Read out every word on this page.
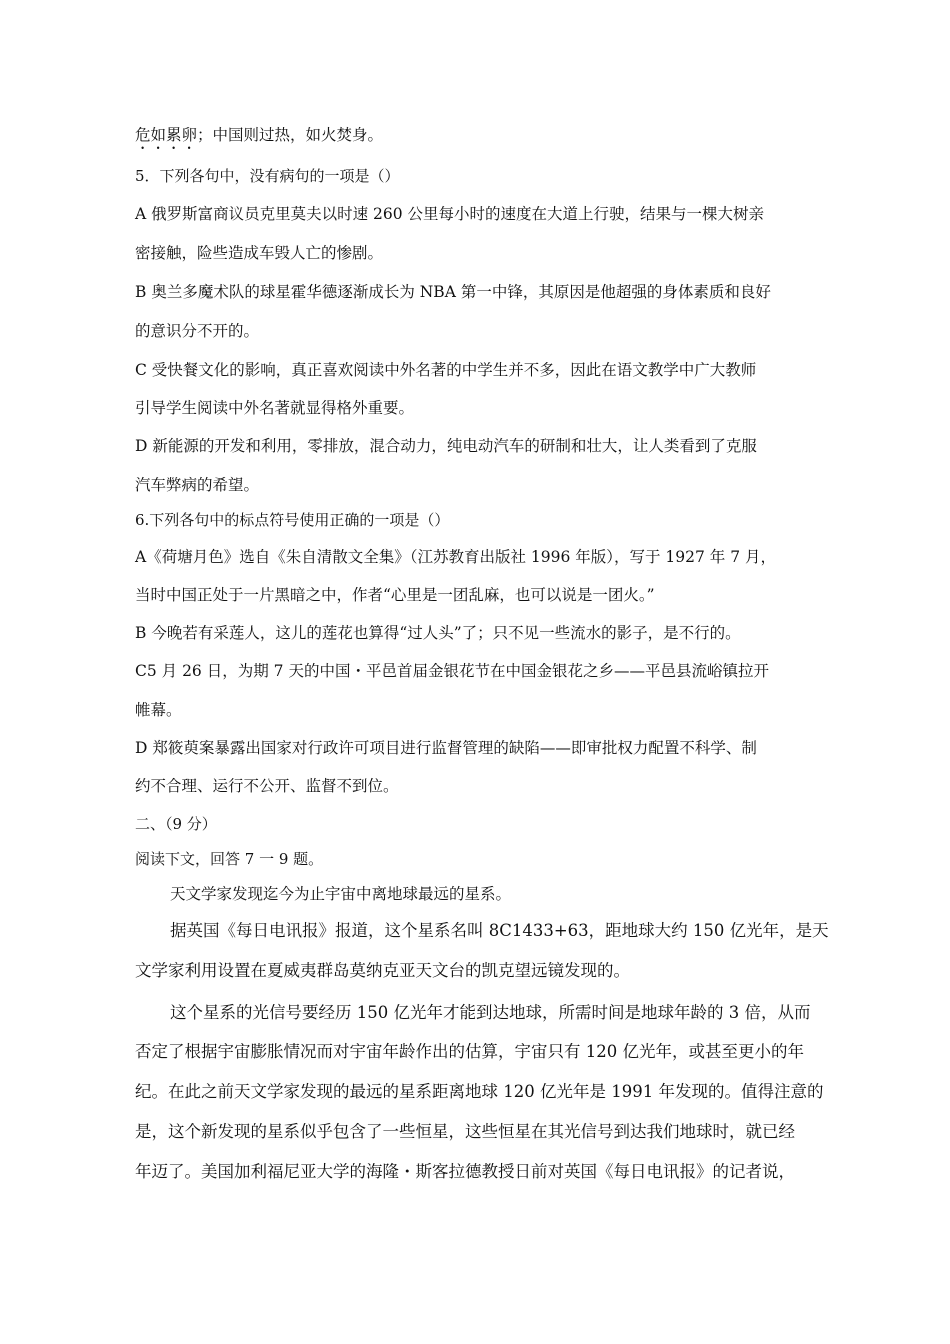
危如累卵；中国则过热，如火焚身。
5．下列各句中，没有病句的一项是（）
A 俄罗斯富商议员克里莫夫以时速 260 公里每小时的速度在大道上行驶，结果与一棵大树亲
密接触，险些造成车毁人亡的惨剧。
B 奥兰多魔术队的球星霍华德逐渐成长为 NBA 第一中锋，其原因是他超强的身体素质和良好
的意识分不开的。
C 受快餐文化的影响，真正喜欢阅读中外名著的中学生并不多，因此在语文教学中广大教师
引导学生阅读中外名著就显得格外重要。
D 新能源的开发和利用，零排放，混合动力，纯电动汽车的研制和壮大，让人类看到了克服
汽车弊病的希望。
6.下列各句中的标点符号使用正确的一项是（）
A《荷塘月色》选自《朱自清散文全集》（江苏教育出版社 1996 年版），写于 1927 年 7 月，
当时中国正处于一片黑暗之中，作者“心里是一团乱麻，也可以说是一团火。”
B 今晚若有采莲人，这儿的莲花也算得“过人头”了；只不见一些流水的影子，是不行的。
C5 月 26 日，为期 7 天的中国・平邑首届金银花节在中国金银花之乡——平邑县流峪镇拉开
帷幕。
D 郑筱萸案暴露出国家对行政许可项目进行监督管理的缺陷——即审批权力配置不科学、制
约不合理、运行不公开、监督不到位。
二、（9 分）
阅读下文，回答 7 一 9 题。
天文学家发现迄今为止宇宙中离地球最远的星系。
据英国《每日电讯报》报道，这个星系名叫 8C1433+63，距地球大约 150 亿光年，是天
文学家利用设置在夏威夷群岛莫纳克亚天文台的凯克望远镜发现的。
这个星系的光信号要经历 150 亿光年才能到达地球，所需时间是地球年龄的 3 倍，从而
否定了根据宇宙膨胀情况而对宇宙年龄作出的估算，宇宙只有 120 亿光年，或甚至更小的年
纪。在此之前天文学家发现的最远的星系距离地球 120 亿光年是 1991 年发现的。值得注意的
是，这个新发现的星系似乎包含了一些恒星，这些恒星在其光信号到达我们地球时，就已经
年迈了。美国加利福尼亚大学的海隆・斯客拉德教授日前对英国《每日电讯报》的记者说，
